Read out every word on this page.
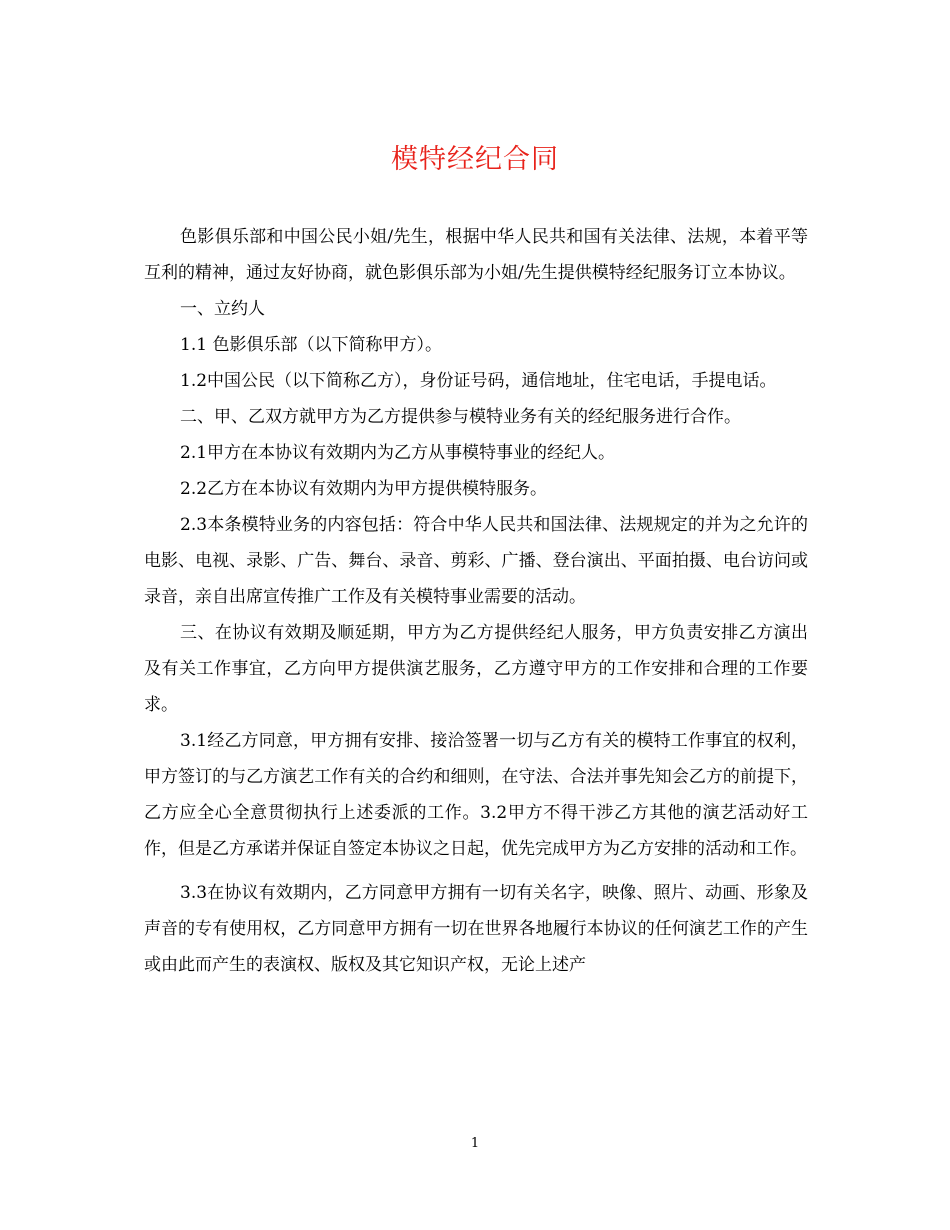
模特经纪合同

色影俱乐部和中国公民小姐/先生，根据中华人民共和国有关法律、法规，本着平等互利的精神，通过友好协商，就色影俱乐部为小姐/先生提供模特经纪服务订立本协议。

一、立约人

1.1 色影俱乐部（以下简称甲方）。

1.2中国公民（以下简称乙方），身份证号码，通信地址，住宅电话，手提电话。

二、甲、乙双方就甲方为乙方提供参与模特业务有关的经纪服务进行合作。

2.1甲方在本协议有效期内为乙方从事模特事业的经纪人。

2.2乙方在本协议有效期内为甲方提供模特服务。

2.3本条模特业务的内容包括：符合中华人民共和国法律、法规规定的并为之允许的电影、电视、录影、广告、舞台、录音、剪彩、广播、登台演出、平面拍摄、电台访问或录音，亲自出席宣传推广工作及有关模特事业需要的活动。

三、在协议有效期及顺延期，甲方为乙方提供经纪人服务，甲方负责安排乙方演出及有关工作事宜，乙方向甲方提供演艺服务，乙方遵守甲方的工作安排和合理的工作要求。

3.1经乙方同意，甲方拥有安排、接洽签署一切与乙方有关的模特工作事宜的权利，甲方签订的与乙方演艺工作有关的合约和细则，在守法、合法并事先知会乙方的前提下，乙方应全心全意贯彻执行上述委派的工作。3.2甲方不得干涉乙方其他的演艺活动好工作，但是乙方承诺并保证自签定本协议之日起，优先完成甲方为乙方安排的活动和工作。

3.3在协议有效期内，乙方同意甲方拥有一切有关名字，映像、照片、动画、形象及声音的专有使用权，乙方同意甲方拥有一切在世界各地履行本协议的任何演艺工作的产生或由此而产生的表演权、版权及其它知识产权，无论上述产

1
